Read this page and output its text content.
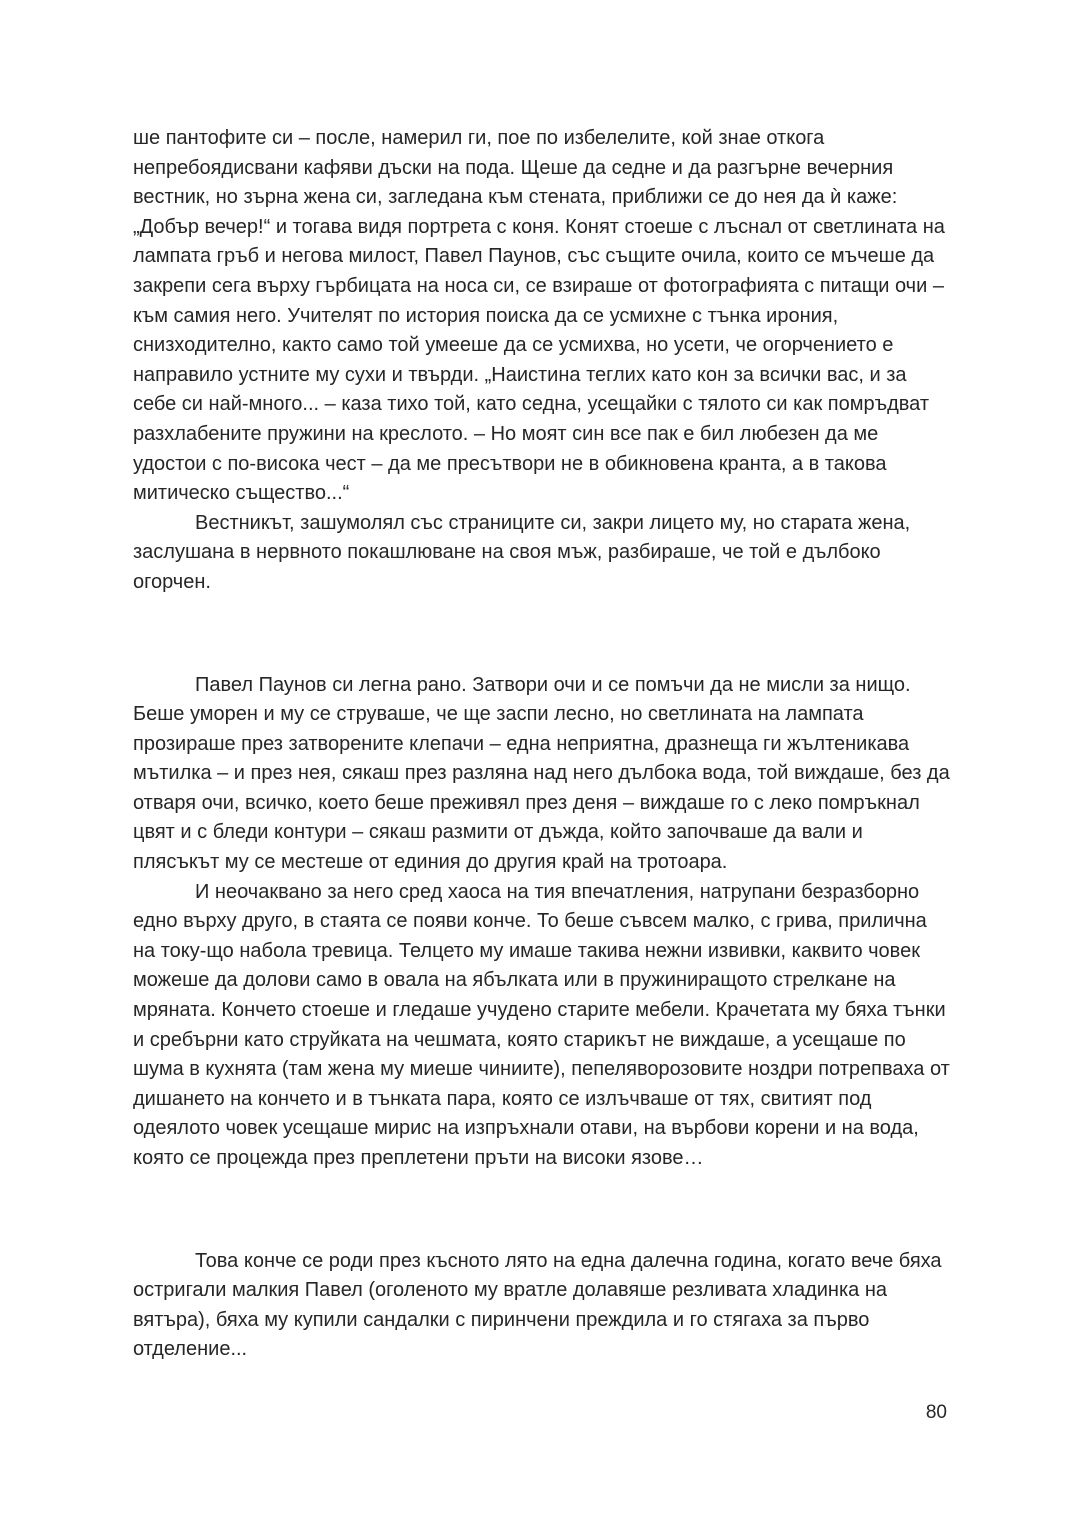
ше пантофите си – после, намерил ги, пое по избелелите, кой знае откога непребоядисвани кафяви дъски на пода. Щеше да седне и да разгърне вечерния вестник, но зърна жена си, загледана към стената, приближи се до нея да ѝ каже: „Добър вечер!“ и тогава видя портрета с коня. Конят стоеше с лъснал от светлината на лампата гръб и негова милост, Павел Паунов, със същите очила, които се мъчеше да закрепи сега върху гърбицата на носа си, се взираше от фотографията с питащи очи – към самия него. Учителят по история поиска да се усмихне с тънка ирония, снизходително, както само той умееше да се усмихва, но усети, че огорчението е направило устните му сухи и твърди. „Наистина теглих като кон за всички вас, и за себе си най-много... – каза тихо той, като седна, усещайки с тялото си как помръдват разхлабените пружини на креслото. – Но моят син все пак е бил любезен да ме удостои с по-висока чест – да ме пресътвори не в обикновена кранта, а в такова митическо същество...“

Вестникът, зашумолял със страниците си, закри лицето му, но старата жена, заслушана в нервното покашлюване на своя мъж, разбираше, че той е дълбоко огорчен.

Павел Паунов си легна рано. Затвори очи и се помъчи да не мисли за нищо. Беше уморен и му се струваше, че ще заспи лесно, но светлината на лампата прозираше през затворените клепачи – една неприятна, дразнеща ги жълтеникава мътилка – и през нея, сякаш през разляна над него дълбока вода, той виждаше, без да отваря очи, всичко, което беше преживял през деня – виждаше го с леко помръкнал цвят и с бледи контури – сякаш размити от дъжда, който започваше да вали и плясъкът му се местеше от единия до другия край на тротоара.

И неочаквано за него сред хаоса на тия впечатления, натрупани безразборно едно върху друго, в стаята се появи конче. То беше съвсем малко, с грива, прилична на току-що набола тревица. Телцето му имаше такива нежни извивки, каквито човек можеше да долови само в овала на ябълката или в пружиниращото стрелкане на мряната. Кончето стоеше и гледаше учудено старите мебели. Крачетата му бяха тънки и сребърни като струйката на чешмата, която старикът не виждаше, а усещаше по шума в кухнята (там жена му миеше чиниите), пепеляворозовите ноздри потрепваха от дишането на кончето и в тънката пара, която се излъчваше от тях, свитият под одеялото човек усещаше мирис на изпръхнали отави, на върбови корени и на вода, която се процежда през преплетени пръти на високи язове…

Това конче се роди през късното лято на една далечна година, когато вече бяха остригали малкия Павел (оголеното му вратле долавяше резливата хладинка на вятъра), бяха му купили сандалки с пиринчени преждила и го стягаха за първо отделение...

80
